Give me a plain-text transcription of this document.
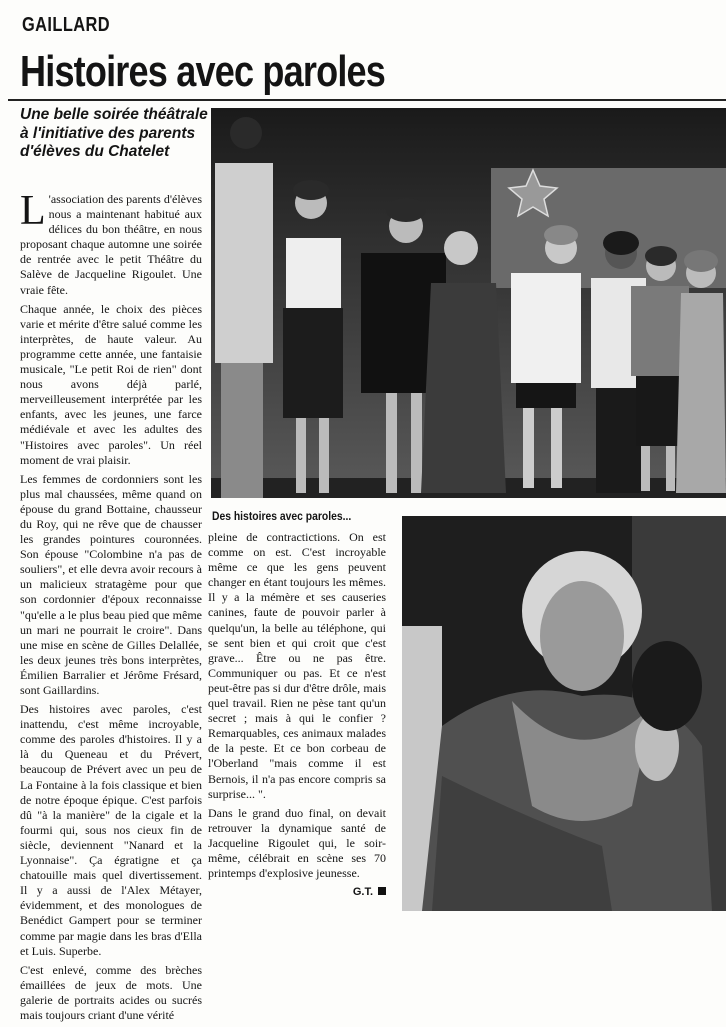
GAILLARD
Histoires avec paroles
Une belle soirée théâtrale à l'initiative des parents d'élèves du Chatelet
Des histoires avec paroles...

L 'association des parents d'élèves nous a maintenant habitué aux délices du bon théâtre, en nous proposant chaque automne une soirée de rentrée avec le petit Théâtre du Salève de Jacqueline Rigoulet. Une vraie fête.

Chaque année, le choix des pièces varie et mérite d'être salué comme les interprètes, de haute valeur. Au programme cette année, une fantaisie musicale, "Le petit Roi de rien" dont nous avons déjà parlé, merveilleusement interprétée par les enfants, avec les jeunes, une farce médiévale et avec les adultes des "Histoires avec paroles". Un réel moment de vrai plaisir.

Les femmes de cordonniers sont les plus mal chaussées, même quand on épouse du grand Bottaine, chausseur du Roy, qui ne rêve que de chausser les grandes pointures couronnées. Son épouse "Colombine n'a pas de souliers", et elle devra avoir recours à un malicieux stratagème pour que son cordonnier d'époux reconnaisse "qu'elle a le plus beau pied que même un mari ne pourrait le croire". Dans une mise en scène de Gilles Delallée, les deux jeunes très bons interprètes, Émilien Barralier et Jérôme Frésard, sont Gaillardins.

Des histoires avec paroles, c'est inattendu, c'est même incroyable, comme des paroles d'histoires. Il y a là du Queneau et du Prévert, beaucoup de Prévert avec un peu de La Fontaine à la fois classique et bien de notre époque épique. C'est parfois dû "à la manière" de la cigale et la fourmi qui, sous nos cieux fin de siècle, deviennent "Nanard et la Lyonnaise". Ça égratigne et ça chatouille mais quel divertissement. Il y a aussi de l'Alex Métayer, évidemment, et des monologues de Benédict Gampert pour se terminer comme par magie dans les bras d'Ella et Luis. Superbe.

C'est enlevé, comme des brèches émaillées de jeux de mots. Une galerie de portraits acides ou sucrés mais toujours criant d'une vérité

pleine de contractictions. On est comme on est. C'est incroyable même ce que les gens peuvent changer en étant toujours les mêmes. Il y a la mémère et ses causeries canines, faute de pouvoir parler à quelqu'un, la belle au téléphone, qui se sent bien et qui croit que c'est grave... Être ou ne pas être. Communiquer ou pas. Et ce n'est peut-être pas si dur d'être drôle, mais quel travail. Rien ne pèse tant qu'un secret ; mais à qui le confier ? Remarquables, ces animaux malades de la peste. Et ce bon corbeau de l'Oberland "mais comme il est Bernois, il n'a pas encore compris sa surprise... ".

Dans le grand duo final, on devait retrouver la dynamique santé de Jacqueline Rigoulet qui, le soir-même, célébrait en scène ses 70 printemps d'explosive jeunesse.

G.T.
